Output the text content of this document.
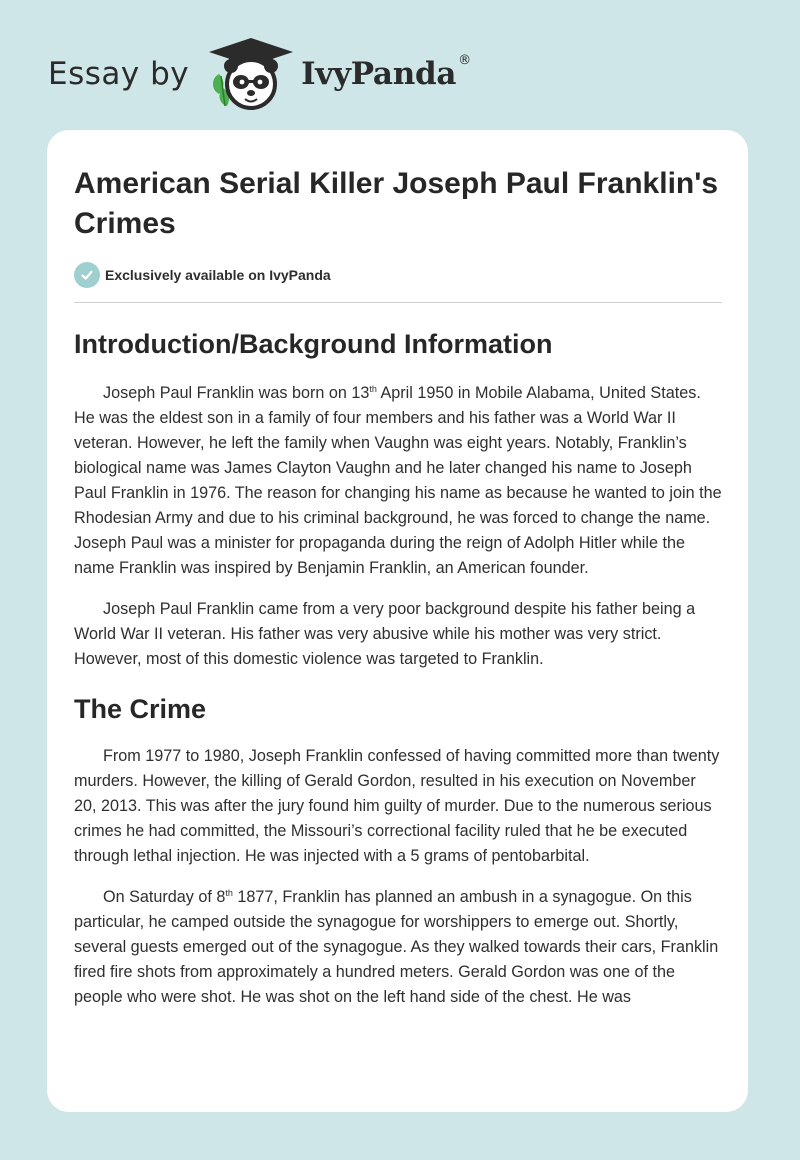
Essay by	IvyPanda ®
American Serial Killer Joseph Paul Franklin's Crimes
Exclusively available on IvyPanda
Introduction/Background Information

Joseph Paul Franklin was born on 13th April 1950 in Mobile Alabama, United States. He was the eldest son in a family of four members and his father was a World War II veteran. However, he left the family when Vaughn was eight years. Notably, Franklin’s biological name was James Clayton Vaughn and he later changed his name to Joseph Paul Franklin in 1976. The reason for changing his name as because he wanted to join the Rhodesian Army and due to his criminal background, he was forced to change the name. Joseph Paul was a minister for propaganda during the reign of Adolph Hitler while the name Franklin was inspired by Benjamin Franklin, an American founder.

Joseph Paul Franklin came from a very poor background despite his father being a World War II veteran. His father was very abusive while his mother was very strict. However, most of this domestic violence was targeted to Franklin.

The Crime

From 1977 to 1980, Joseph Franklin confessed of having committed more than twenty murders. However, the killing of Gerald Gordon, resulted in his execution on November 20, 2013. This was after the jury found him guilty of murder. Due to the numerous serious crimes he had committed, the Missouri’s correctional facility ruled that he be executed through lethal injection. He was injected with a 5 grams of pentobarbital.

On Saturday of 8th 1877, Franklin has planned an ambush in a synagogue. On this particular, he camped outside the synagogue for worshippers to emerge out. Shortly, several guests emerged out of the synagogue. As they walked towards their cars, Franklin fired fire shots from approximately a hundred meters. Gerald Gordon was one of the people who were shot. He was shot on the left hand side of the chest. He was
